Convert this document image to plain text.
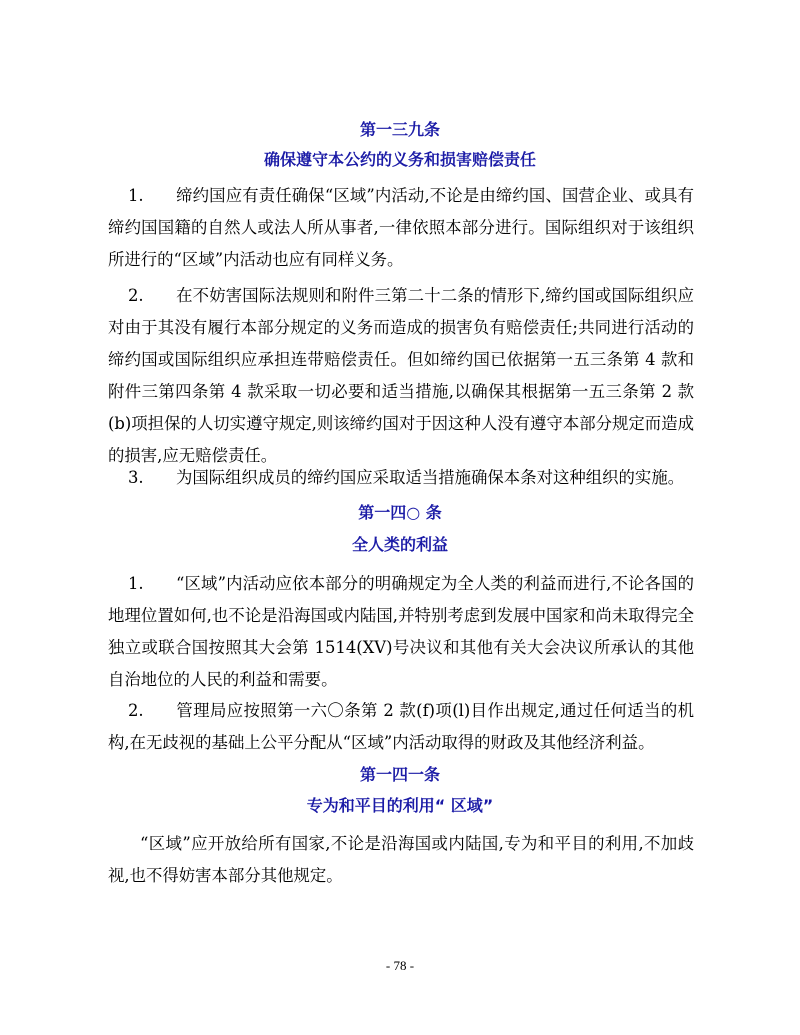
第一三九条
确保遵守本公约的义务和损害赔偿责任

1. 缔约国应有责任确保“区域”内活动,不论是由缔约国、国营企业、或具有缔约国国籍的自然人或法人所从事者,一律依照本部分进行。国际组织对于该组织所进行的“区域”内活动也应有同样义务。

2. 在不妨害国际法规则和附件三第二十二条的情形下,缔约国或国际组织应对由于其没有履行本部分规定的义务而造成的损害负有赔偿责任;共同进行活动的缔约国或国际组织应承担连带赔偿责任。但如缔约国已依据第一五三条第 4 款和附件三第四条第 4 款采取一切必要和适当措施,以确保其根据第一五三条第 2 款(b)项担保的人切实遵守规定,则该缔约国对于因这种人没有遵守本部分规定而造成的损害,应无赔偿责任。

3. 为国际组织成员的缔约国应采取适当措施确保本条对这种组织的实施。

第一四○ 条
全人类的利益

1. “区域”内活动应依本部分的明确规定为全人类的利益而进行,不论各国的地理位置如何,也不论是沿海国或内陆国,并特别考虑到发展中国家和尚未取得完全独立或联合国按照其大会第 1514(XV)号决议和其他有关大会决议所承认的其他自治地位的人民的利益和需要。

2. 管理局应按照第一六〇条第 2 款(f)项(l)目作出规定,通过任何适当的机构,在无歧视的基础上公平分配从“区域”内活动取得的财政及其他经济利益。

第一四一条
专为和平目的利用“ 区域”

“区域”应开放给所有国家,不论是沿海国或内陆国,专为和平目的利用,不加歧视,也不得妨害本部分其他规定。

- 78 -
